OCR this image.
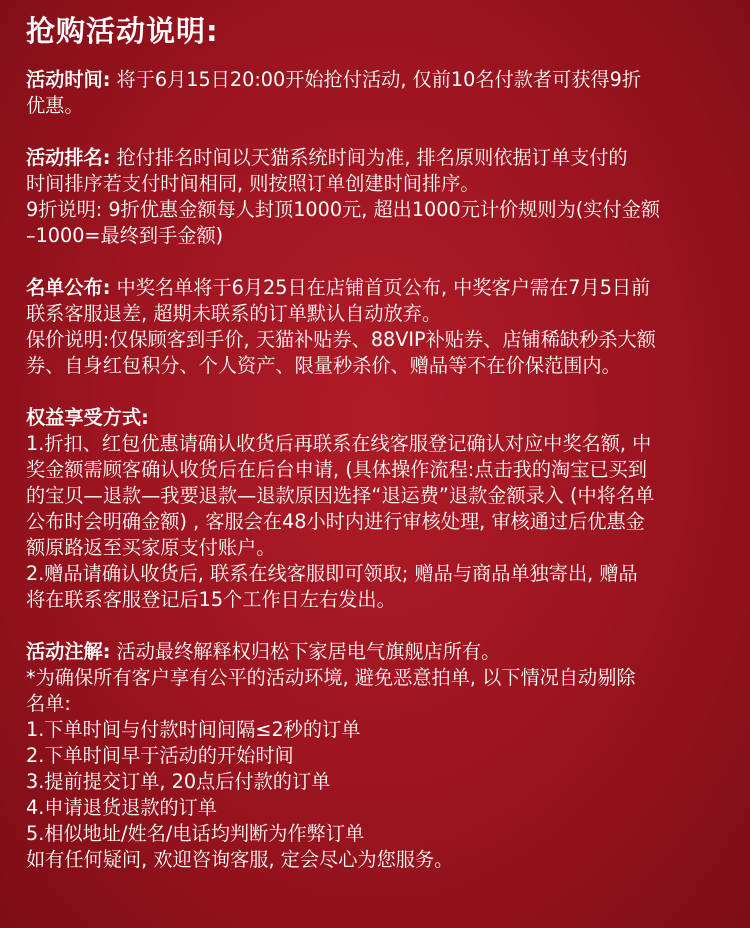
抢购活动说明:
活动时间: 将于6月15日20:00开始抢付活动, 仅前10名付款者可获得9折
优惠。
活动排名: 抢付排名时间以天猫系统时间为准, 排名原则依据订单支付的
时间排序若支付时间相同, 则按照订单创建时间排序。
9折说明: 9折优惠金额每人封顶1000元, 超出1000元计价规则为(实付金额
–1000=最终到手金额)
名单公布: 中奖名单将于6月25日在店铺首页公布, 中奖客户需在7月5日前
联系客服退差, 超期未联系的订单默认自动放弃。
保价说明:仅保顾客到手价, 天猫补贴券、88VIP补贴券、店铺稀缺秒杀大额
券、自身红包积分、个人资产、限量秒杀价、赠品等不在价保范围内。
权益享受方式:
1.折扣、红包优惠请确认收货后再联系在线客服登记确认对应中奖名额, 中
奖金额需顾客确认收货后在后台申请, (具体操作流程:点击我的淘宝已买到
的宝贝—退款—我要退款—退款原因选择“退运费”退款金额录入 (中将名单
公布时会明确金额) , 客服会在48小时内进行审核处理, 审核通过后优惠金
额原路返至买家原支付账户。
2.赠品请确认收货后, 联系在线客服即可领取; 赠品与商品单独寄出, 赠品
将在联系客服登记后15个工作日左右发出。
活动注解: 活动最终解释权归松下家居电气旗舰店所有。
*为确保所有客户享有公平的活动环境, 避免恶意拍单, 以下情况自动剔除
名单:
1.下单时间与付款时间间隔≤2秒的订单
2.下单时间早于活动的开始时间
3.提前提交订单, 20点后付款的订单
4.申请退货退款的订单
5.相似地址/姓名/电话均判断为作弊订单
如有任何疑问, 欢迎咨询客服, 定会尽心为您服务。
